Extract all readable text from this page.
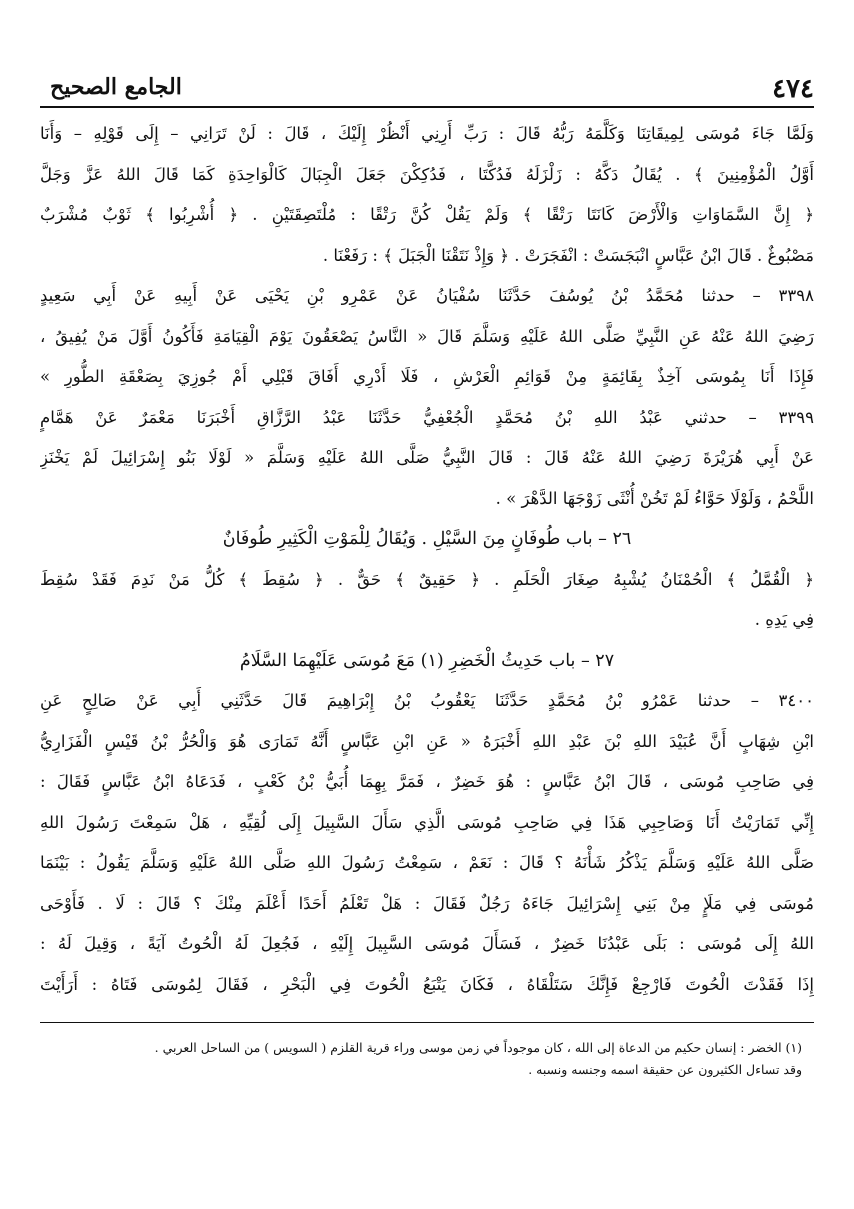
٤٧٤
الجامع الصحيح
وَلَمَّا جَاءَ مُوسَى لِمِيقَاتِنَا وَكَلَّمَهُ رَبُّهُ قَالَ : رَبِّ أَرِنِي أَنْظُرْ إِلَيْكَ ، قَالَ : لَنْ تَرَانِي – إِلَى قَوْلِهِ – وَأَنَا
أَوَّلُ الْمُؤْمِنِينَ ﴾ . يُقَالُ دَكَّهُ : زَلْزَلَهُ فَدُكَّتَا ، فَدُكِكْنَ جَعَلَ الْجِبَالَ كَالْوَاحِدَةِ كَمَا قَالَ اللهُ عَزَّ وَجَلَّ
﴿ إِنَّ السَّمَاوَاتِ وَالْأَرْضَ كَانَتَا رَتْقًا ﴾ وَلَمْ يَقُلْ كُنَّ رَتْقًا : مُلْتَصِقَتَيْنِ . ﴿ أُشْرِبُوا ﴾ ثَوْبٌ مُشْرَبٌ
مَصْبُوغٌ . قَالَ ابْنُ عَبَّاسٍ انْبَجَسَتْ : انْفَجَرَتْ . ﴿ وَإِذْ نَتَقْنَا الْجَبَلَ ﴾ : رَفَعْنَا .
٣٣٩٨ – حدثنا مُحَمَّدُ بْنُ يُوسُفَ حَدَّثَنَا سُفْيَانُ عَنْ عَمْرِو بْنِ يَحْيَى عَنْ أَبِيهِ عَنْ أَبِي سَعِيدٍ
رَضِيَ اللهُ عَنْهُ عَنِ النَّبِيِّ صَلَّى اللهُ عَلَيْهِ وَسَلَّمَ قَالَ « النَّاسُ يَصْعَقُونَ يَوْمَ الْقِيَامَةِ فَأَكُونُ أَوَّلَ مَنْ يُفِيقُ ،
فَإِذَا أَنَا بِمُوسَى آخِذٌ بِقَائِمَةٍ مِنْ قَوَائِمِ الْعَرْشِ ، فَلَا أَدْرِي أَفَاقَ قَبْلِي أَمْ جُوزِيَ بِصَعْقَةِ الطُّورِ »
٣٣٩٩ – حدثني عَبْدُ اللهِ بْنُ مُحَمَّدٍ الْجُعْفِيُّ حَدَّثَنَا عَبْدُ الرَّزَّاقِ أَخْبَرَنَا مَعْمَرٌ عَنْ هَمَّامٍ
عَنْ أَبِي هُرَيْرَةَ رَضِيَ اللهُ عَنْهُ قَالَ : قَالَ النَّبِيُّ صَلَّى اللهُ عَلَيْهِ وَسَلَّمَ « لَوْلَا بَنُو إِسْرَائِيلَ لَمْ يَخْنَزِ
اللَّحْمُ ، وَلَوْلَا حَوَّاءُ لَمْ تَخُنْ أُنْثَى زَوْجَهَا الدَّهْرَ » .
٢٦ – باب طُوفَانٍ مِنَ السَّيْلِ . وَيُقَالُ لِلْمَوْتِ الْكَثِيرِ طُوفَانٌ
﴿ الْقُمَّلُ ﴾ الْحُمْنَانُ يُشْبِهُ صِغَارَ الْحَلَمِ . ﴿ حَقِيقٌ ﴾ حَقٌّ . ﴿ سُقِطَ ﴾ كُلُّ مَنْ نَدِمَ فَقَدْ سُقِطَ
فِي يَدِهِ .
٢٧ – باب حَدِيثُ الْخَضِرِ (١) مَعَ مُوسَى عَلَيْهِمَا السَّلَامُ
٣٤٠٠ – حدثنا عَمْرُو بْنُ مُحَمَّدٍ حَدَّثَنَا يَعْقُوبُ بْنُ إِبْرَاهِيمَ قَالَ حَدَّثَنِي أَبِي عَنْ صَالِحٍ عَنِ
ابْنِ شِهَابٍ أَنَّ عُبَيْدَ اللهِ بْنَ عَبْدِ اللهِ أَخْبَرَهُ « عَنِ ابْنِ عَبَّاسٍ أَنَّهُ تَمَارَى هُوَ وَالْحُرُّ بْنُ قَيْسٍ الْفَزَارِيُّ
فِي صَاحِبِ مُوسَى ، قَالَ ابْنُ عَبَّاسٍ : هُوَ خَضِرٌ ، فَمَرَّ بِهِمَا أُبَيُّ بْنُ كَعْبٍ ، فَدَعَاهُ ابْنُ عَبَّاسٍ فَقَالَ :
إِنِّي تَمَارَيْتُ أَنَا وَصَاحِبِي هَذَا فِي صَاحِبِ مُوسَى الَّذِي سَأَلَ السَّبِيلَ إِلَى لُقِيِّهِ ، هَلْ سَمِعْتَ رَسُولَ اللهِ
صَلَّى اللهُ عَلَيْهِ وَسَلَّمَ يَذْكُرُ شَأْنَهُ ؟ قَالَ : نَعَمْ ، سَمِعْتُ رَسُولَ اللهِ صَلَّى اللهُ عَلَيْهِ وَسَلَّمَ يَقُولُ : بَيْنَمَا
مُوسَى فِي مَلَإٍ مِنْ بَنِي إِسْرَائِيلَ جَاءَهُ رَجُلٌ فَقَالَ : هَلْ تَعْلَمُ أَحَدًا أَعْلَمَ مِنْكَ ؟ قَالَ : لَا . فَأَوْحَى
اللهُ إِلَى مُوسَى : بَلَى عَبْدُنَا خَضِرٌ ، فَسَأَلَ مُوسَى السَّبِيلَ إِلَيْهِ ، فَجُعِلَ لَهُ الْحُوتُ آيَةً ، وَقِيلَ لَهُ :
إِذَا فَقَدْتَ الْحُوتَ فَارْجِعْ فَإِنَّكَ سَتَلْقَاهُ ، فَكَانَ يَتْبَعُ الْحُوتَ فِي الْبَحْرِ ، فَقَالَ لِمُوسَى فَتَاهُ : أَرَأَيْتَ
(١) الخضر : إنسان حكيم من الدعاة إلى الله ، كان موجوداً في زمن موسى وراء قرية القلزم ( السويس ) من الساحل العربي .
وقد تساءل الكثيرون عن حقيقة اسمه وجنسه ونسبه .
